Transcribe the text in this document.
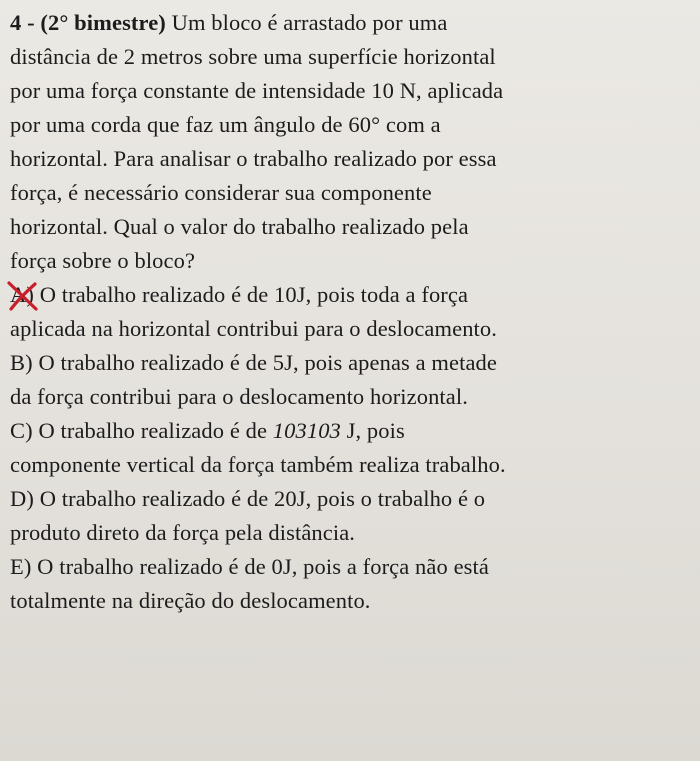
4 - (2° bimestre) Um bloco é arrastado por uma
distância de 2 metros sobre uma superfície horizontal
por uma força constante de intensidade 10 N, aplicada
por uma corda que faz um ângulo de 60° com a
horizontal. Para analisar o trabalho realizado por essa
força, é necessário considerar sua componente
horizontal. Qual o valor do trabalho realizado pela
força sobre o bloco?
A) O trabalho realizado é de 10J, pois toda a força
aplicada na horizontal contribui para o deslocamento.
B) O trabalho realizado é de 5J, pois apenas a metade
da força contribui para o deslocamento horizontal.
C) O trabalho realizado é de 103103 J, pois
componente vertical da força também realiza trabalho.
D) O trabalho realizado é de 20J, pois o trabalho é o
produto direto da força pela distância.
E) O trabalho realizado é de 0J, pois a força não está
totalmente na direção do deslocamento.
